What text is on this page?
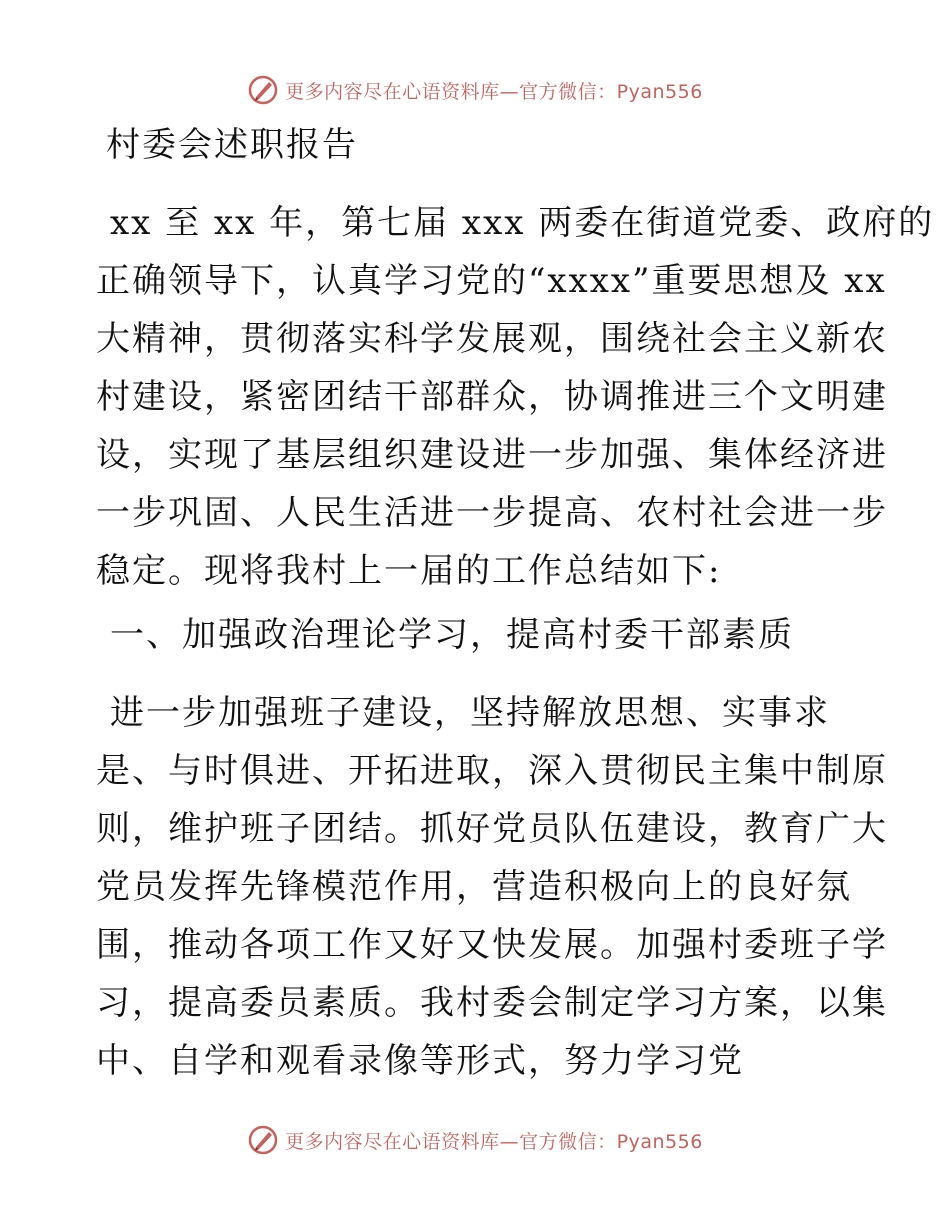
更多内容尽在心语资料库—官方微信：Pyan556
村委会述职报告
xx 至 xx 年，第七届 xxx 两委在街道党委、政府的
正确领导下，认真学习党的“xxxx”重要思想及 xx
大精神，贯彻落实科学发展观，围绕社会主义新农
村建设，紧密团结干部群众，协调推进三个文明建
设，实现了基层组织建设进一步加强、集体经济进
一步巩固、人民生活进一步提高、农村社会进一步
稳定。现将我村上一届的工作总结如下:
一、加强政治理论学习，提高村委干部素质
进一步加强班子建设，坚持解放思想、实事求
是、与时俱进、开拓进取，深入贯彻民主集中制原
则，维护班子团结。抓好党员队伍建设，教育广大
党员发挥先锋模范作用，营造积极向上的良好氛
围，推动各项工作又好又快发展。加强村委班子学
习，提高委员素质。我村委会制定学习方案，以集
中、自学和观看录像等形式，努力学习党
更多内容尽在心语资料库—官方微信：Pyan556
